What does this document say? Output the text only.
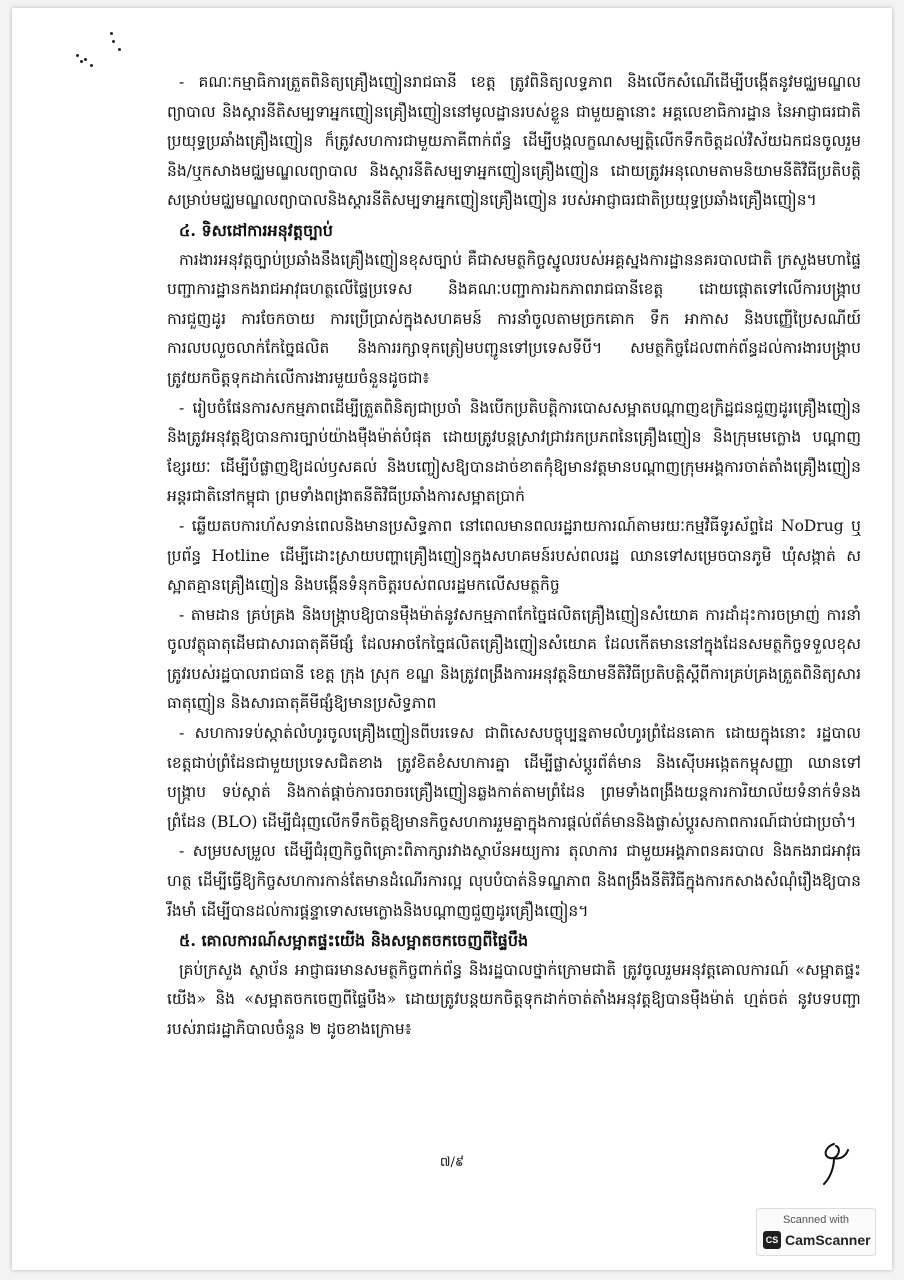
- គណៈកម្មាធិការត្រួតពិនិត្យគ្រឿងញៀនរាជធានី ខេត្ត ត្រូវពិនិត្យលទ្ធភាព និងលើកសំណើដើម្បីបង្កើតនូវមជ្ឈមណ្ឌលព្យាបាល និងស្តារនីតិសម្បទាអ្នកញៀនគ្រឿងញៀននៅមូលដ្ឋានរបស់ខ្លួន ជាមួយគ្នានោះ អគ្គលេខាធិការដ្ឋាន នៃអាជ្ញាធរជាតិប្រយុទ្ធប្រឆាំងគ្រឿងញៀន ក៏ត្រូវសហការជាមួយភាគីពាក់ព័ន្ធ ដើម្បីបង្កលក្ខណសម្បត្តិលើកទឹកចិត្តដល់វិស័យឯកជនចូលរួម និង/ឬកសាងមជ្ឈមណ្ឌលព្យាបាល និងស្តារនីតិសម្បទាអ្នកញៀនគ្រឿងញៀន ដោយត្រូវអនុលោមតាមនិយាមនីតិវិធីប្រតិបត្តិ សម្រាប់មជ្ឈមណ្ឌលព្យាបាលនិងស្តារនីតិសម្បទាអ្នកញៀនគ្រឿងញៀន របស់អាជ្ញាធរជាតិប្រយុទ្ធប្រឆាំងគ្រឿងញៀន។

៤. ទិសដៅការអនុវត្តច្បាប់

ការងារអនុវត្តច្បាប់ប្រឆាំងនឹងគ្រឿងញៀនខុសច្បាប់ គឺជាសមត្ថកិច្ចស្នូលរបស់អគ្គស្នងការដ្ឋាននគរបាលជាតិ ក្រសួងមហាផ្ទៃ បញ្ជាការដ្ឋានកងរាជអាវុធហត្ថលើផ្ទៃប្រទេស និងគណៈបញ្ជាការឯកភាពរាជធានីខេត្ត ដោយផ្តោតទៅលើការបង្ក្រាប ការជួញដូរ ការចែកចាយ ការប្រើប្រាស់ក្នុងសហគមន៍ ការនាំចូលតាមច្រកគោក ទឹក អាកាស និងបញ្ញើប្រៃសណីយ៍ ការលបលួចលាក់កែច្នៃផលិត និងការរក្សាទុកត្រៀមបញ្ជូនទៅប្រទេសទីបី។ សមត្ថកិច្ចដែលពាក់ព័ន្ធដល់ការងារបង្ក្រាប ត្រូវយកចិត្តទុកដាក់លើការងារមួយចំនួនដូចជា៖

- រៀបចំផែនការសកម្មភាពដើម្បីត្រួតពិនិត្យជាប្រចាំ និងបើកប្រតិបត្តិការបោសសម្អាតបណ្តាញឧក្រិដ្ឋជនជួញដូរគ្រឿងញៀន និងត្រូវអនុវត្តឱ្យបានការច្បាប់យ៉ាងម៉ឺងម៉ាត់បំផុត ដោយត្រូវបន្តស្រាវជ្រាវរកប្រភពនៃគ្រឿងញៀន និងក្រុមមេក្លោង បណ្តាញខ្សែរយៈ ដើម្បីបំផ្លាញឱ្យដល់ឫសគល់ និងបញ្ចៀសឱ្យបានដាច់ខាតកុំឱ្យមានវត្តមានបណ្តាញក្រុមអង្គការចាត់តាំងគ្រឿងញៀនអន្តរជាតិនៅកម្ពុជា ព្រមទាំងពង្រាតនីតិវិធីប្រឆាំងការសម្អាតប្រាក់

- ឆ្លើយតបការហ័សទាន់ពេលនិងមានប្រសិទ្ធភាព នៅពេលមានពលរដ្ឋរាយការណ៍តាមរយៈកម្មវិធីទូរស័ព្ទដៃ NoDrug ឬប្រព័ន្ធ Hotline ដើម្បីដោះស្រាយបញ្ហាគ្រឿងញៀនក្នុងសហគមន៍របស់ពលរដ្ឋ ឈានទៅសម្រេចបានភូមិ ឃុំសង្កាត់ ស ស្អាតគ្មានគ្រឿងញៀន និងបង្កើនទំនុកចិត្តរបស់ពលរដ្ឋមកលើសមត្ថកិច្ច

- តាមដាន គ្រប់គ្រង និងបង្ក្រាបឱ្យបានម៉ឺងម៉ាត់នូវសកម្មភាពកែច្នៃផលិតគ្រឿងញៀនសំយោគ ការដាំដុះការចម្រាញ់ ការនាំចូលវត្ថុធាតុដើមជាសារធាតុគីមីផ្សំ ដែលអាចកែច្នៃផលិតគ្រឿងញៀនសំយោគ ដែលកើតមាននៅក្នុងដែនសមត្ថកិច្ចទទួលខុសត្រូវរបស់រដ្ឋបាលរាជធានី ខេត្ត ក្រុង ស្រុក ខណ្ឌ និងត្រូវពង្រឹងការអនុវត្តនិយាមនីតិវិធីប្រតិបត្តិស្តីពីការគ្រប់គ្រងត្រួតពិនិត្យសារធាតុញៀន និងសារធាតុគីមីផ្សំឱ្យមានប្រសិទ្ធភាព

- សហការទប់ស្កាត់លំហូរចូលគ្រឿងញៀនពីបរទេស ជាពិសេសបច្ចុប្បន្នតាមលំហូរព្រំដែនគោក ដោយក្នុងនោះ រដ្ឋបាលខេត្តជាប់ព្រំដែនជាមួយប្រទេសជិតខាង ត្រូវខិតខំសហការគ្នា ដើម្បីផ្លាស់ប្តូរព័ត៌មាន និងស៊ើបអង្កេតកម្ពុសញ្ញា ឈានទៅបង្ក្រាប ទប់ស្កាត់ និងកាត់ផ្តាច់ការចរាចរគ្រឿងញៀនឆ្លងកាត់តាមព្រំដែន ព្រមទាំងពង្រឹងយន្តការការិយាល័យទំនាក់ទំនងព្រំដែន (BLO) ដើម្បីជំរុញលើកទឹកចិត្តឱ្យមានកិច្ចសហការរួមគ្នាក្នុងការផ្តល់ព័ត៌មាននិងផ្លាស់ប្តូរសកាពការណ៍ជាប់ជាប្រចាំ។

- សម្របសម្រួល ដើម្បីជំរុញកិច្ចពិគ្រោះពិភាក្សារវាងស្ថាប័នអយ្យការ តុលាការ ជាមួយអង្គភាពនគរបាល និងកងរាជអាវុធហត្ថ ដើម្បីធ្វើឱ្យកិច្ចសហការកាន់តែមានដំណើរការល្អ លុបបំបាត់និទណ្ឌភាព និងពង្រឹងនីតិវិធីក្នុងការកសាងសំណុំរឿងឱ្យបានរឹងមាំ ដើម្បីបានដល់ការផ្តន្ទាទោសមេក្លោងនិងបណ្តាញជួញដូរគ្រឿងញៀន។

៥. គោលការណ៍សម្អាតផ្ទះយើង និងសម្អាតចកចេញពីផ្ទៃបឹង

គ្រប់ក្រសួង ស្ថាប័ន អាជ្ញាធរមានសមត្ថកិច្ចពាក់ព័ន្ធ និងរដ្ឋបាលថ្នាក់ក្រោមជាតិ ត្រូវចូលរួមអនុវត្តគោលការណ៍ «សម្អាតផ្ទះយើង» និង «សម្អាតចកចេញពីផ្ទៃបឹង» ដោយត្រូវបន្តយកចិត្តទុកដាក់ចាត់តាំងអនុវត្តឱ្យបានម៉ឺងម៉ាត់ ហ្មត់ចត់ នូវបទបញ្ជារបស់រាជរដ្ឋាភិបាលចំនួន ២ ដូចខាងក្រោម៖

៧/៩
Scanned with
CS CamScanner
